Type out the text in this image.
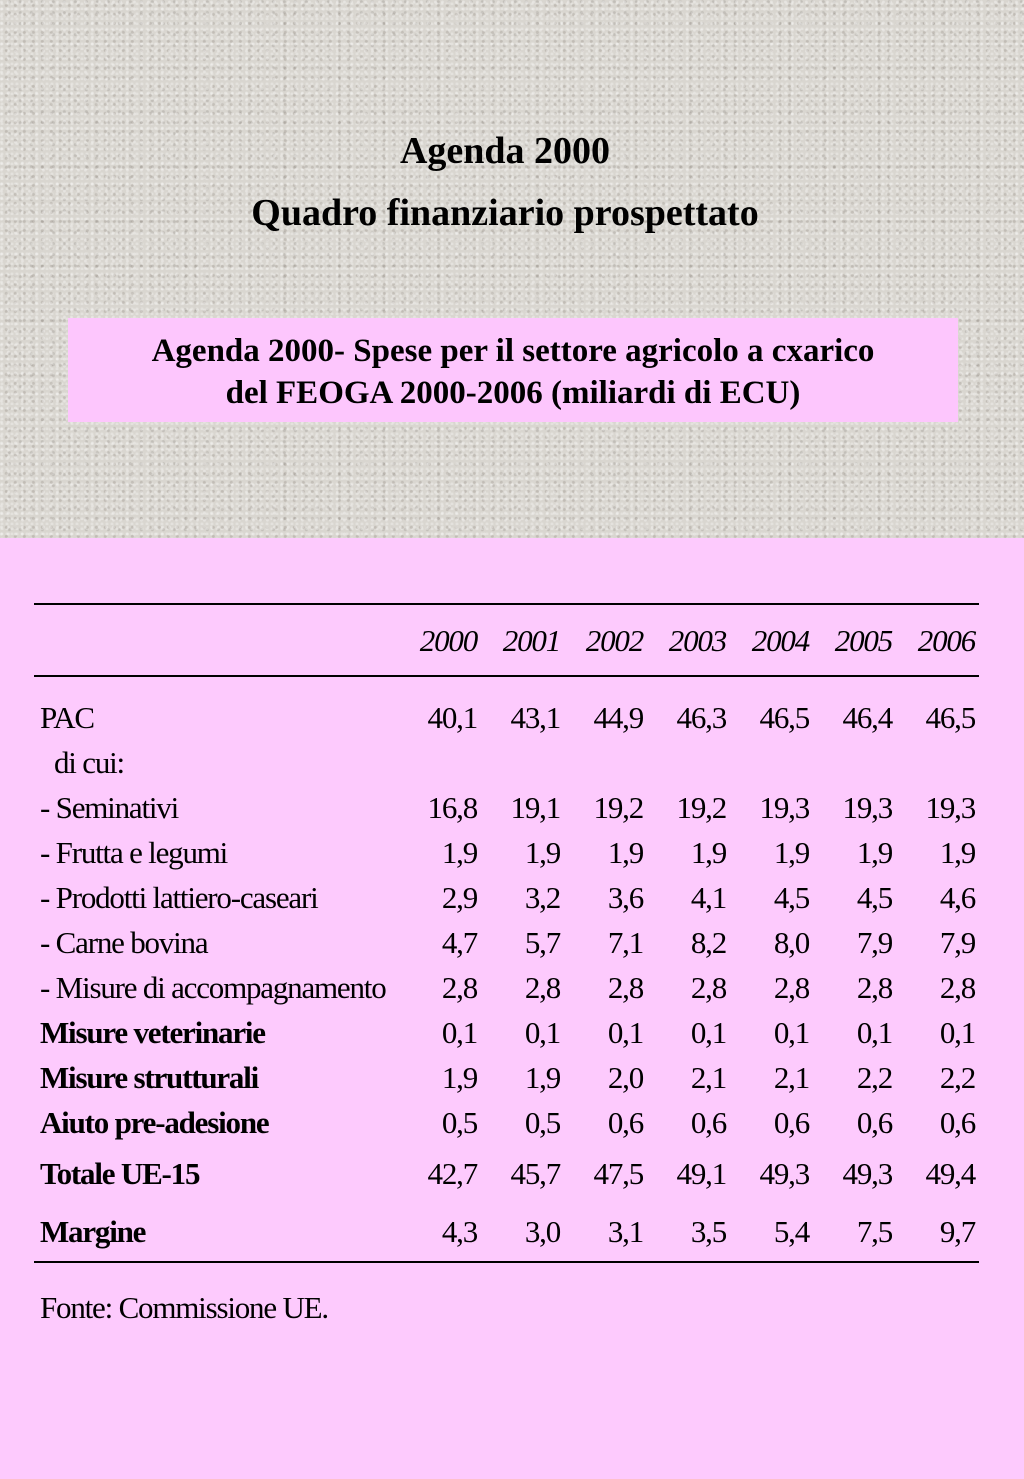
Agenda 2000
Quadro finanziario prospettato
Agenda 2000- Spese per il settore agricolo a cxarico
del FEOGA 2000-2006 (miliardi di ECU)
	2000	2001	2002	2003	2004	2005	2006
PAC	40,1	43,1	44,9	46,3	46,5	46,4	46,5
di cui:							
- Seminativi	16,8	19,1	19,2	19,2	19,3	19,3	19,3
- Frutta e legumi	1,9	1,9	1,9	1,9	1,9	1,9	1,9
- Prodotti lattiero-caseari	2,9	3,2	3,6	4,1	4,5	4,5	4,6
- Carne bovina	4,7	5,7	7,1	8,2	8,0	7,9	7,9
- Misure di accompagnamento	2,8	2,8	2,8	2,8	2,8	2,8	2,8
Misure veterinarie	0,1	0,1	0,1	0,1	0,1	0,1	0,1
Misure strutturali	1,9	1,9	2,0	2,1	2,1	2,2	2,2
Aiuto pre-adesione	0,5	0,5	0,6	0,6	0,6	0,6	0,6
Totale UE-15	42,7	45,7	47,5	49,1	49,3	49,3	49,4
Margine	4,3	3,0	3,1	3,5	5,4	7,5	9,7
Fonte: Commissione UE.
